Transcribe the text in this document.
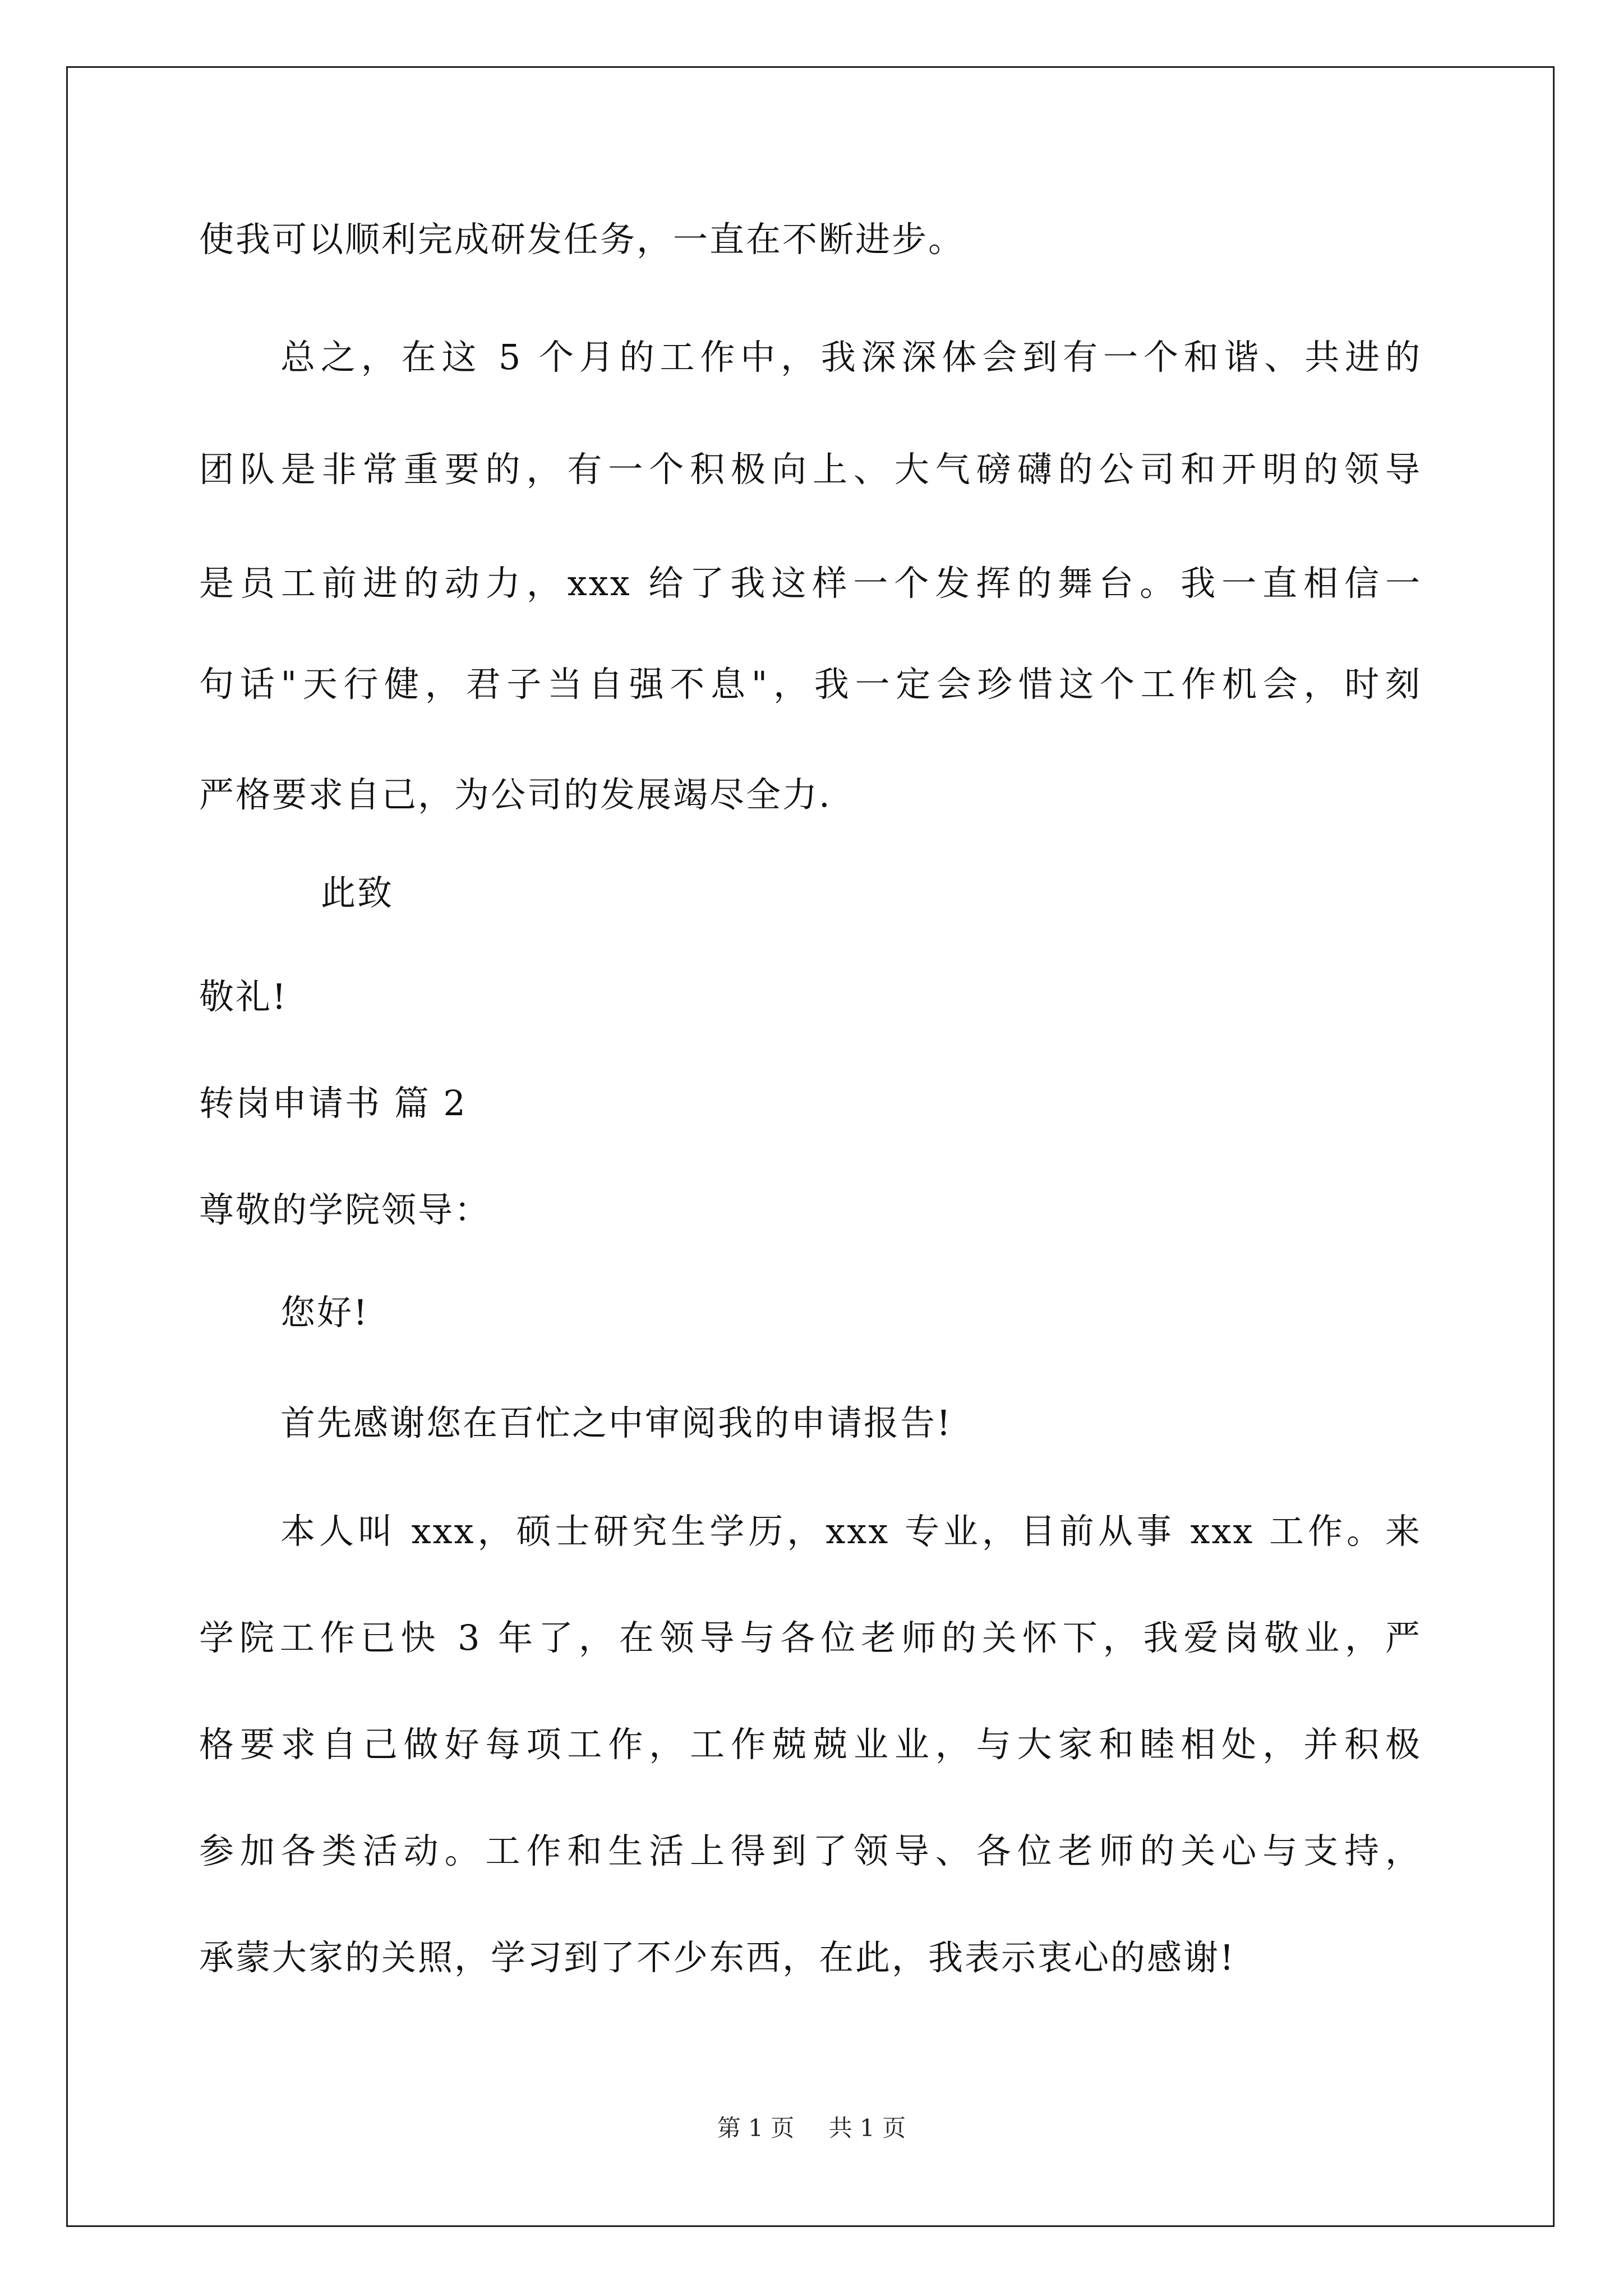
使我可以顺利完成研发任务，一直在不断进步。
总之，在这 5 个月的工作中，我深深体会到有一个和谐、共进的
团队是非常重要的，有一个积极向上、大气磅礴的公司和开明的领导
是员工前进的动力，xxx 给了我这样一个发挥的舞台。我一直相信一
句话"天行健，君子当自强不息"，我一定会珍惜这个工作机会，时刻
严格要求自己，为公司的发展竭尽全力.
此致
敬礼!
转岗申请书 篇 2
尊敬的学院领导：
您好!
首先感谢您在百忙之中审阅我的申请报告!
本人叫 xxx，硕士研究生学历，xxx 专业，目前从事 xxx 工作。来
学院工作已快 3 年了，在领导与各位老师的关怀下，我爱岗敬业，严
格要求自己做好每项工作，工作兢兢业业，与大家和睦相处，并积极
参加各类活动。工作和生活上得到了领导、各位老师的关心与支持，
承蒙大家的关照，学习到了不少东西，在此，我表示衷心的感谢!
第 1 页 共 1 页
